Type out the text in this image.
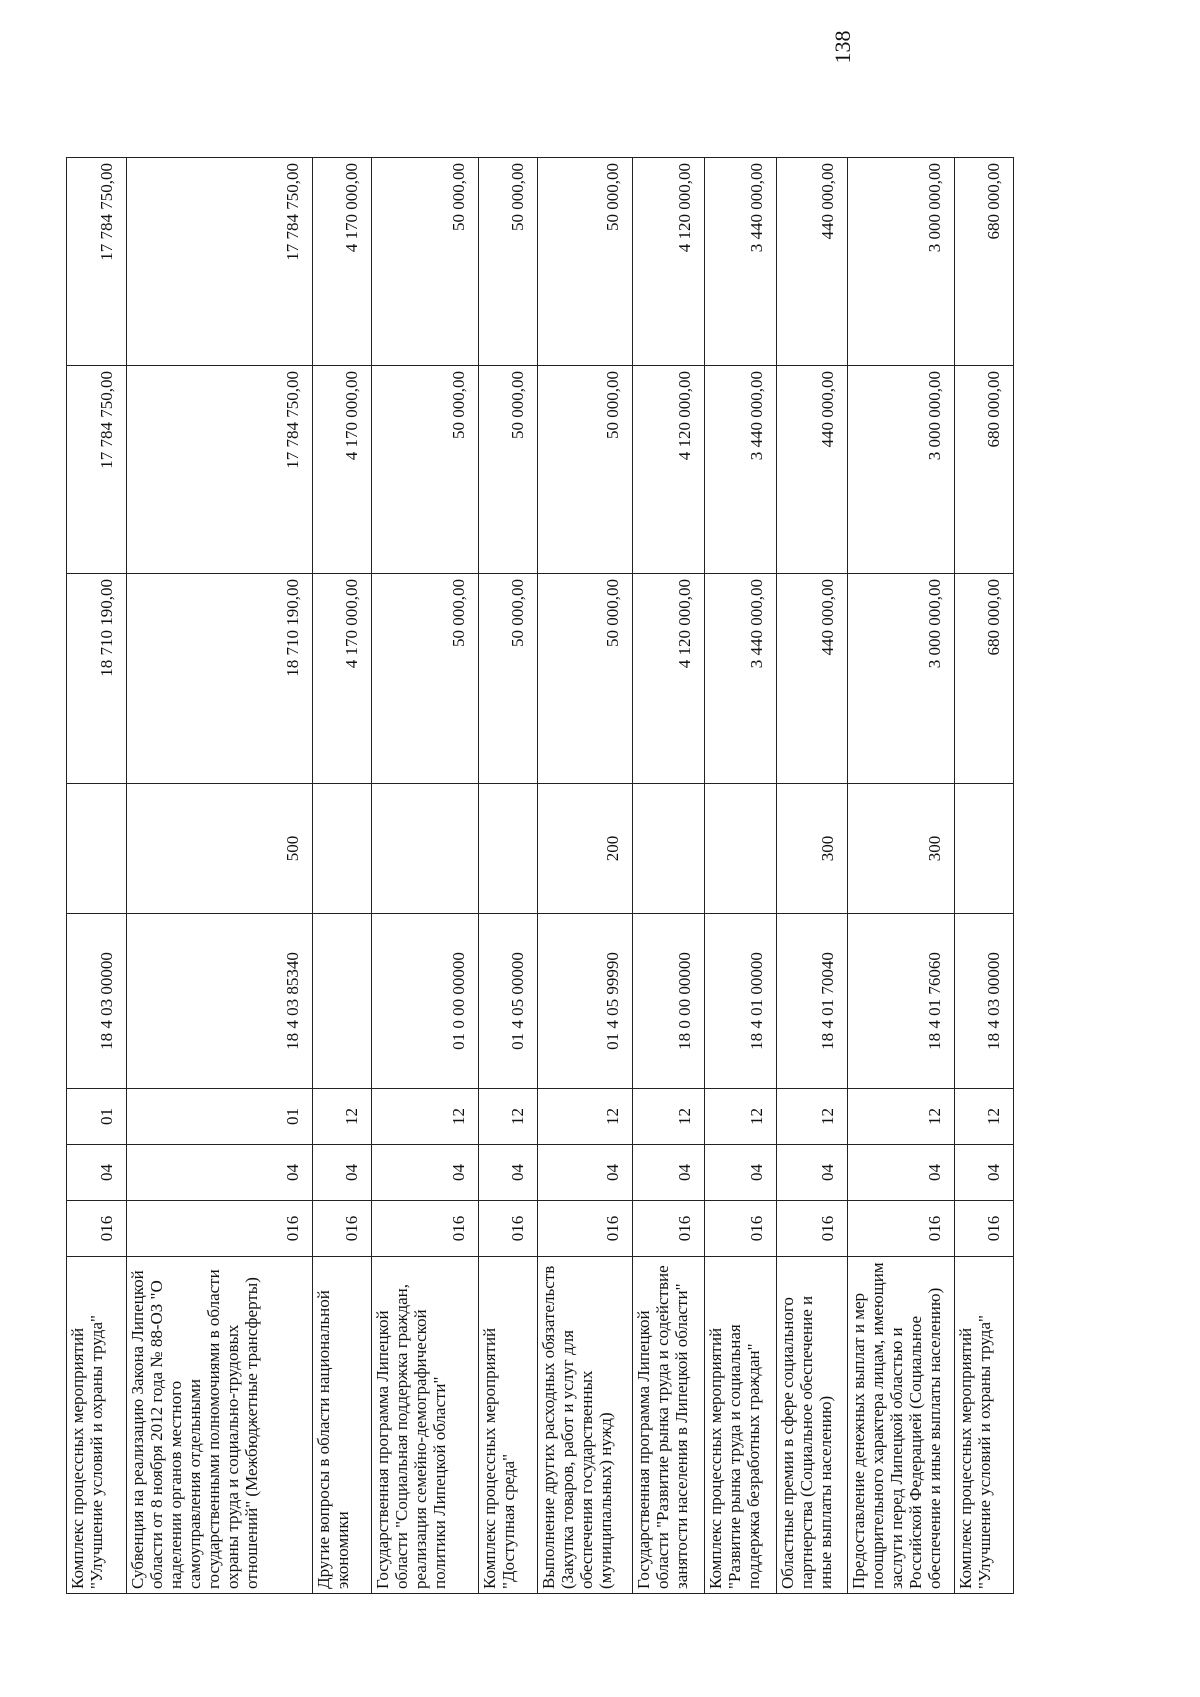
138
Комплекс процессных мероприятий "Улучшение условий и охраны труда"	016	04	01	18 4 03 00000		18 710 190,00	17 784 750,00	17 784 750,00
Субвенция на реализацию Закона Липецкой области от 8 ноября 2012 года № 88-ОЗ "О наделении органов местного самоуправления отдельными государственными полномочиями в области охраны труда и социально-трудовых отношений" (Межбюджетные трансферты)	016	04	01	18 4 03 85340	500	18 710 190,00	17 784 750,00	17 784 750,00
Другие вопросы в области национальной экономики	016	04	12			4 170 000,00	4 170 000,00	4 170 000,00
Государственная программа Липецкой области "Социальная поддержка граждан, реализация семейно-демографической политики Липецкой области"	016	04	12	01 0 00 00000		50 000,00	50 000,00	50 000,00
Комплекс процессных мероприятий "Доступная среда"	016	04	12	01 4 05 00000		50 000,00	50 000,00	50 000,00
Выполнение других расходных обязательств (Закупка товаров, работ и услуг для обеспечения государственных (муниципальных) нужд)	016	04	12	01 4 05 99990	200	50 000,00	50 000,00	50 000,00
Государственная программа Липецкой области "Развитие рынка труда и содействие занятости населения в Липецкой области"	016	04	12	18 0 00 00000		4 120 000,00	4 120 000,00	4 120 000,00
Комплекс процессных мероприятий "Развитие рынка труда и социальная поддержка безработных граждан"	016	04	12	18 4 01 00000		3 440 000,00	3 440 000,00	3 440 000,00
Областные премии в сфере социального партнерства (Социальное обеспечение и иные выплаты населению)	016	04	12	18 4 01 70040	300	440 000,00	440 000,00	440 000,00
Предоставление денежных выплат и мер поощрительного характера лицам, имеющим заслуги перед Липецкой областью и Российской Федерацией (Социальное обеспечение и иные выплаты населению)	016	04	12	18 4 01 76060	300	3 000 000,00	3 000 000,00	3 000 000,00
Комплекс процессных мероприятий "Улучшение условий и охраны труда"	016	04	12	18 4 03 00000		680 000,00	680 000,00	680 000,00
